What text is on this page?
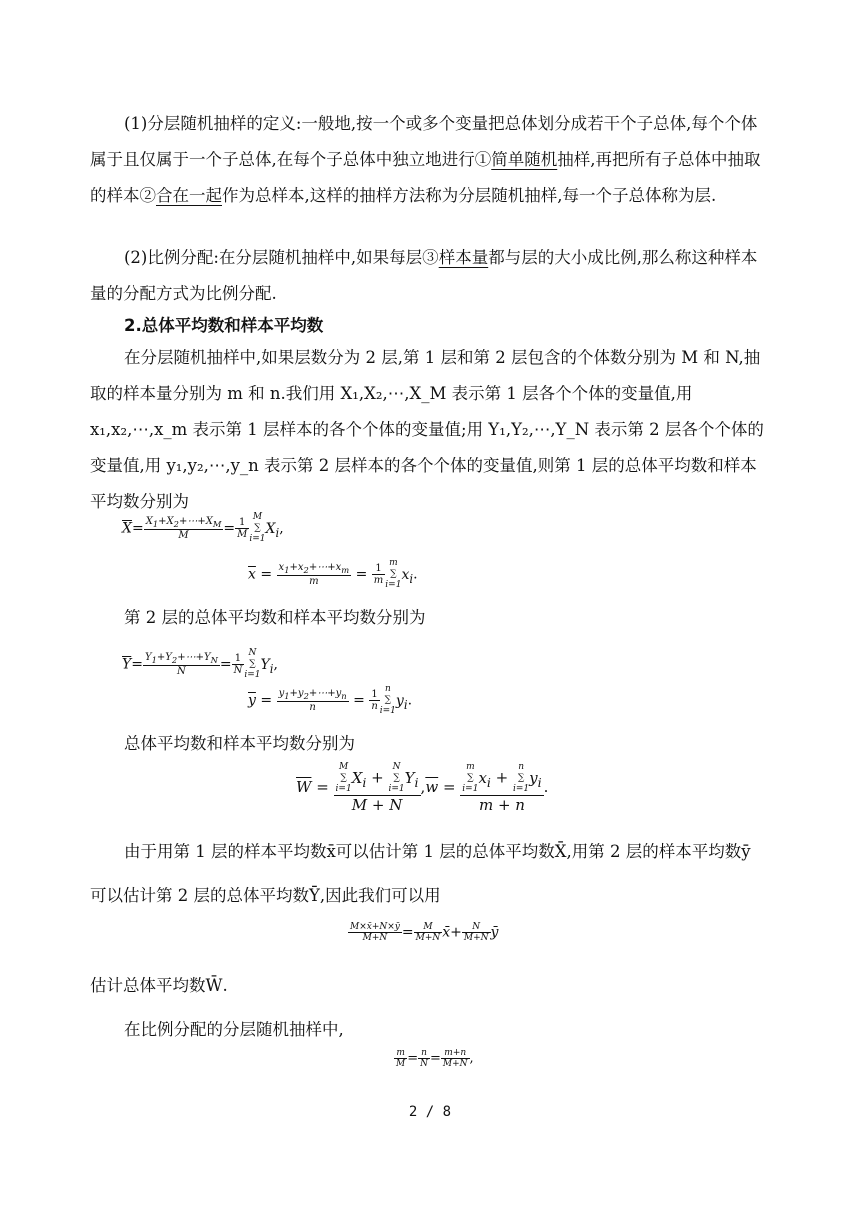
(1)分层随机抽样的定义:一般地,按一个或多个变量把总体划分成若干个子总体,每个个体属于且仅属于一个子总体,在每个子总体中独立地进行①简单随机抽样,再把所有子总体中抽取的样本②合在一起作为总样本,这样的抽样方法称为分层随机抽样,每一个子总体称为层.

(2)比例分配:在分层随机抽样中,如果每层③样本量都与层的大小成比例,那么称这种样本量的分配方式为比例分配.

2.总体平均数和样本平均数

在分层随机抽样中,如果层数分为 2 层,第 1 层和第 2 层包含的个体数分别为 M 和 N,抽取的样本量分别为 m 和 n.我们用 X₁,X₂,⋯,X_M 表示第 1 层各个个体的变量值,用 x₁,x₂,⋯,x_m 表示第 1 层样本的各个个体的变量值;用 Y₁,Y₂,⋯,Y_N 表示第 2 层各个个体的变量值,用 y₁,y₂,⋯,y_n 表示第 2 层样本的各个个体的变量值,则第 1 层的总体平均数和样本平均数分别为

$\overline{X}= \frac{X_1+X_2+\cdots+X_M}{M} = \frac{1}{M}$ M
∑
i=1
$X_i$,
$\overline{x} = \frac{x_1+x_2+\cdots+x_m}{m} = \frac{1}{m}$ m
∑
i=1
$x_i$.
第 2 层的总体平均数和样本平均数分别为
$\overline{Y}= \frac{Y_1+Y_2+\cdots+Y_N}{N} = \frac{1}{N}$ N
∑
i=1
$Y_i$,
$\overline{y} = \frac{y_1+y_2+\cdots+y_n}{n} = \frac{1}{n}$ n
∑
i=1
$y_i$.
总体平均数和样本平均数分别为
$\overline{W} = M$
∑
i=1
$X_i$ +
N
∑
i=1
$Y_i$
M + N $,\overline{w} = m$
∑
i=1
$x_i$ +
n
∑
i=1
$y_i$
m + n .
由于用第 1 层的样本平均数x̄可以估计第 1 层的总体平均数X̄,用第 2 层的样本平均数ȳ
可以估计第 2 层的总体平均数Ȳ,因此我们可以用
$\frac{M\times x̄+N\times ȳ}{M+N} = \frac{M}{M+N}$ x̄+ $\frac{N}{M+N}$ ȳ
估计总体平均数W̄.
在比例分配的分层随机抽样中,
$\frac{m}{M} = \frac{n}{N} = \frac{m+n}{M+N}$ ,
2 / 8
